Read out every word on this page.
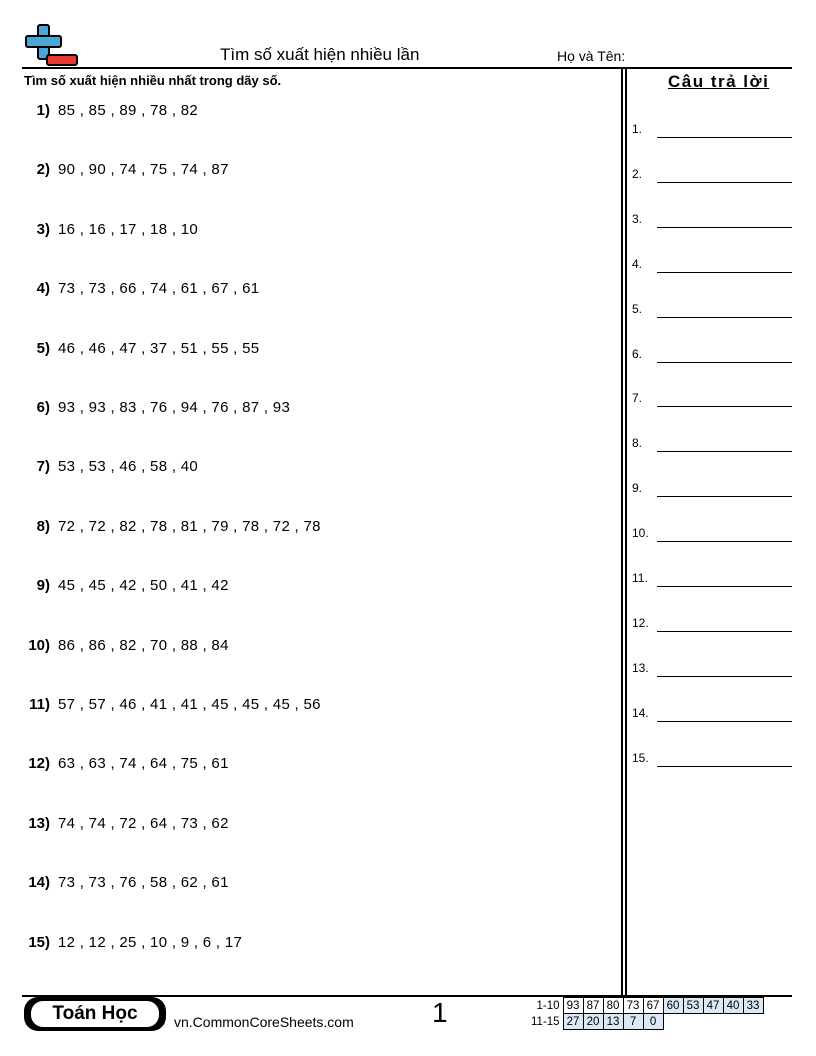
Tìm số xuất hiện nhiều lần	Họ và Tên:
Tìm số xuất hiện nhiều nhất trong dãy số.
1) 85 , 85 , 89 , 78 , 82
2) 90 , 90 , 74 , 75 , 74 , 87
3) 16 , 16 , 17 , 18 , 10
4) 73 , 73 , 66 , 74 , 61 , 67 , 61
5) 46 , 46 , 47 , 37 , 51 , 55 , 55
6) 93 , 93 , 83 , 76 , 94 , 76 , 87 , 93
7) 53 , 53 , 46 , 58 , 40
8) 72 , 72 , 82 , 78 , 81 , 79 , 78 , 72 , 78
9) 45 , 45 , 42 , 50 , 41 , 42
10) 86 , 86 , 82 , 70 , 88 , 84
11) 57 , 57 , 46 , 41 , 41 , 45 , 45 , 45 , 56
12) 63 , 63 , 74 , 64 , 75 , 61
13) 74 , 74 , 72 , 64 , 73 , 62
14) 73 , 73 , 76 , 58 , 62 , 61
15) 12 , 12 , 25 , 10 , 9 , 6 , 17
Câu trả lời
1.
2.
3.
4.
5.
6.
7.
8.
9.
10.
11.
12.
13.
14.
15.
Toán Học	vn.CommonCoreSheets.com	1	1-10	93	87	80	73	67	60	53	47	40	33
11-15	27	20	13	7	0					
